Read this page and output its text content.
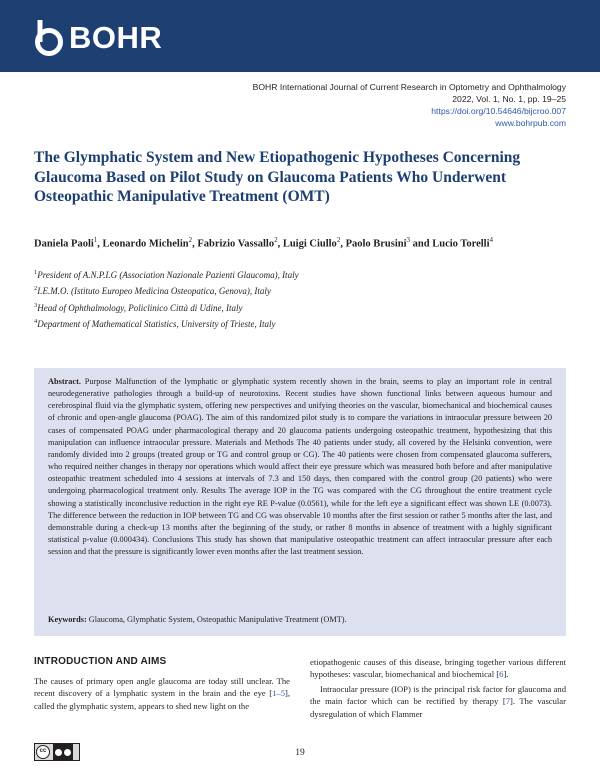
BOHR
BOHR International Journal of Current Research in Optometry and Ophthalmology
2022, Vol. 1, No. 1, pp. 19–25
https://doi.org/10.54646/bijcroo.007
www.bohrpub.com
The Glymphatic System and New Etiopathogenic Hypotheses Concerning Glaucoma Based on Pilot Study on Glaucoma Patients Who Underwent Osteopathic Manipulative Treatment (OMT)
Daniela Paoli$^1$, Leonardo Michelin$^2$, Fabrizio Vassallo$^2$, Luigi Ciullo$^2$, Paolo Brusini$^3$ and Lucio Torelli$^4$
$^1$President of A.N.P.I.G (Association Nazionale Pazienti Glaucoma), Italy
$^2$I.E.M.O. (Istituto Europeo Medicina Osteopatica, Genova), Italy
$^3$Head of Ophthalmology, Policlinico Città di Udine, Italy
$^4$Department of Mathematical Statistics, University of Trieste, Italy

Abstract. Purpose Malfunction of the lymphatic or glymphatic system recently shown in the brain, seems to play an important role in central neurodegenerative pathologies through a build-up of neurotoxins. Recent studies have shown functional links between aqueous humour and cerebrospinal fluid via the glymphatic system, offering new perspectives and unifying theories on the vascular, biomechanical and biochemical causes of chronic and open-angle glaucoma (POAG). The aim of this randomized pilot study is to compare the variations in intraocular pressure between 20 cases of compensated POAG under pharmacological therapy and 20 glaucoma patients undergoing osteopathic treatment, hypothesizing that this manipulation can influence intraocular pressure. Materials and Methods The 40 patients under study, all covered by the Helsinki convention, were randomly divided into 2 groups (treated group or TG and control group or CG). The 40 patients were chosen from compensated glaucoma sufferers, who required neither changes in therapy nor operations which would affect their eye pressure which was measured both before and after manipulative osteopathic treatment scheduled into 4 sessions at intervals of 7.3 and 150 days, then compared with the control group (20 patients) who were undergoing pharmacological treatment only. Results The average IOP in the TG was compared with the CG throughout the entire treatment cycle showing a statistically inconclusive reduction in the right eye RE P-value (0.0561), while for the left eye a significant effect was shown LE (0.0073). The difference between the reduction in IOP between TG and CG was observable 10 months after the first session or rather 5 months after the last, and demonstrable during a check-up 13 months after the beginning of the study, or rather 8 months in absence of treatment with a highly significant statistical p-value (0.000434). Conclusions This study has shown that manipulative osteopathic treatment can affect intraocular pressure after each session and that the pressure is significantly lower even months after the last treatment session.

Keywords: Glaucoma, Glymphatic System, Osteopathic Manipulative Treatment (OMT).

INTRODUCTION AND AIMS

The causes of primary open angle glaucoma are today still unclear. The recent discovery of a lymphatic system in the brain and the eye [1–5], called the glymphatic system, appears to shed new light on the

etiopathogenic causes of this disease, bringing together various different hypotheses: vascular, biomechanical and biochemical [6].

Intraocular pressure (IOP) is the principal risk factor for glaucoma and the main factor which can be rectified by therapy [7]. The vascular dysregulation of which Flammer

cc	19
